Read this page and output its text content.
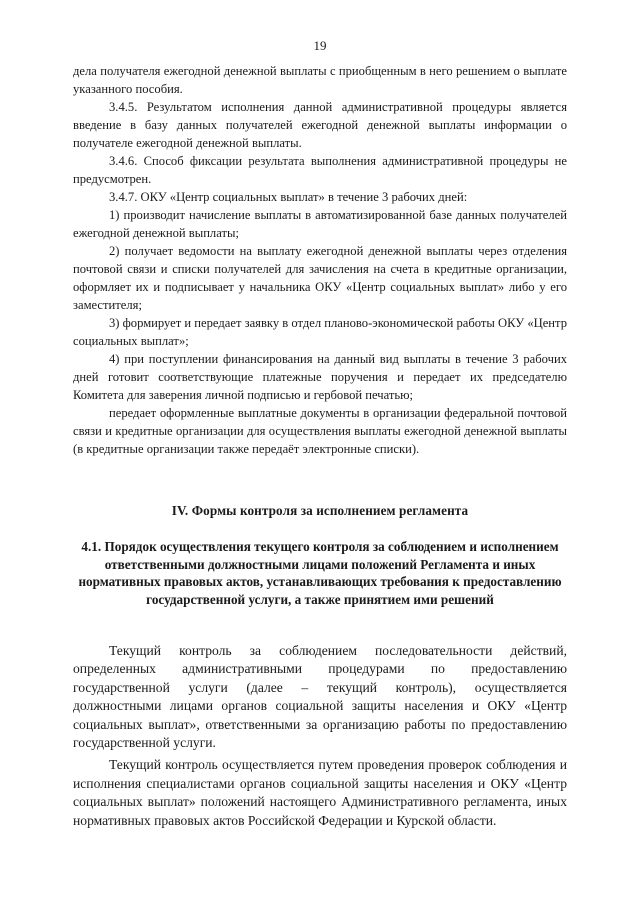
19

дела получателя ежегодной денежной выплаты с приобщенным в него решением о выплате указанного пособия.

3.4.5. Результатом исполнения данной административной процедуры является введение в базу данных получателей ежегодной денежной выплаты информации о получателе ежегодной денежной выплаты.

3.4.6. Способ фиксации результата выполнения административной процедуры не предусмотрен.

3.4.7. ОКУ «Центр социальных выплат» в течение 3 рабочих дней:

1) производит начисление выплаты в автоматизированной базе данных получателей ежегодной денежной выплаты;

2) получает ведомости на выплату ежегодной денежной выплаты через отделения почтовой связи и списки получателей для зачисления на счета в кредитные организации, оформляет их и подписывает у начальника ОКУ «Центр социальных выплат» либо у его заместителя;

3) формирует и передает заявку в отдел планово-экономической работы ОКУ «Центр социальных выплат»;

4) при поступлении финансирования на данный вид выплаты в течение 3 рабочих дней готовит соответствующие платежные поручения и передает их председателю Комитета для заверения личной подписью и гербовой печатью;

передает оформленные выплатные документы в организации федеральной почтовой связи и кредитные организации для осуществления выплаты ежегодной денежной выплаты (в кредитные организации также передаёт электронные списки).

IV. Формы контроля за исполнением регламента
4.1. Порядок осуществления текущего контроля за соблюдением и исполнением ответственными должностными лицами положений Регламента и иных нормативных правовых актов, устанавливающих требования к предоставлению государственной услуги, а также принятием ими решений

Текущий контроль за соблюдением последовательности действий, определенных административными процедурами по предоставлению государственной услуги (далее – текущий контроль), осуществляется должностными лицами органов социальной защиты населения и ОКУ «Центр социальных выплат», ответственными за организацию работы по предоставлению государственной услуги.

Текущий контроль осуществляется путем проведения проверок соблюдения и исполнения специалистами органов социальной защиты населения и ОКУ «Центр социальных выплат» положений настоящего Административного регламента, иных нормативных правовых актов Российской Федерации и Курской области.
